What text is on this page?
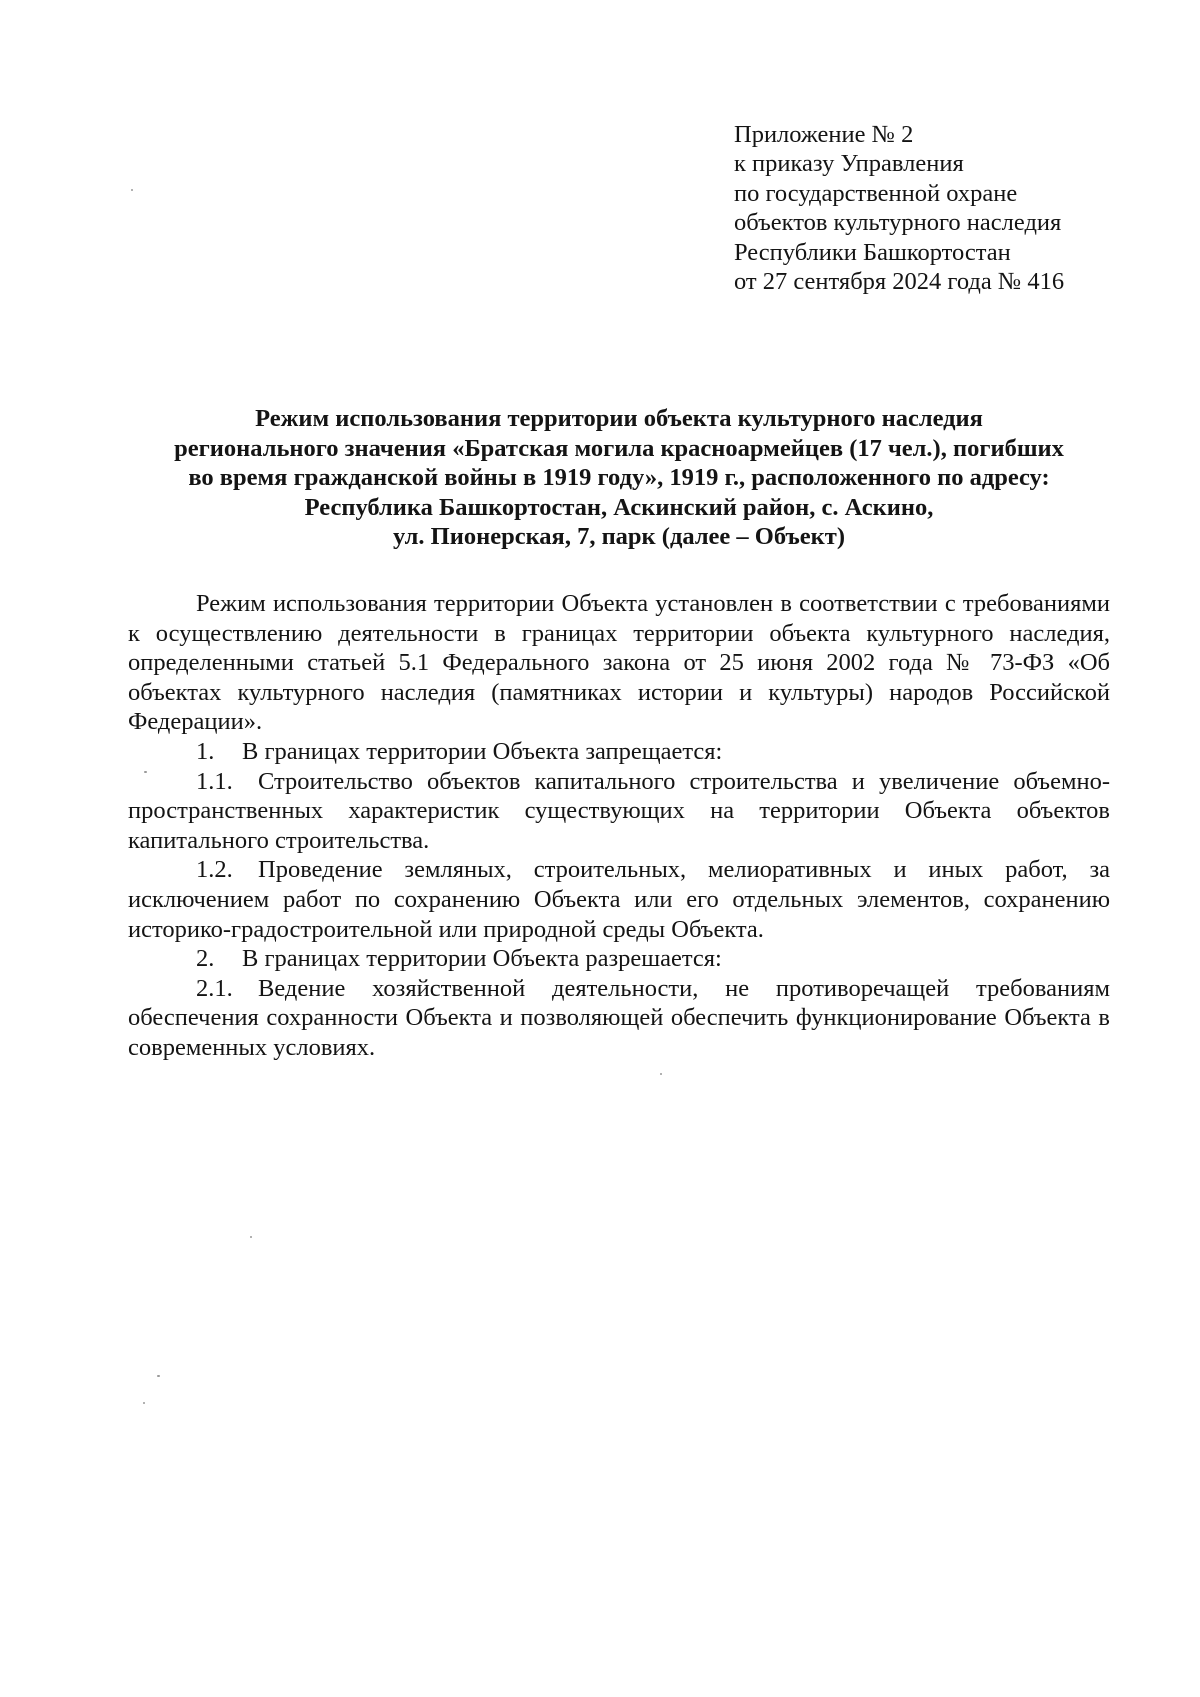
Приложение № 2
к приказу Управления
по государственной охране
объектов культурного наследия
Республики Башкортостан
от 27 сентября 2024 года № 416
Режим использования территории объекта культурного наследия
регионального значения «Братская могила красноармейцев (17 чел.), погибших
во время гражданской войны в 1919 году», 1919 г., расположенного по адресу:
Республика Башкортостан, Аскинский район, с. Аскино,
ул. Пионерская, 7, парк (далее – Объект)

Режим использования территории Объекта установлен в соответствии с требованиями к осуществлению деятельности в границах территории объекта культурного наследия, определенными статьей 5.1 Федерального закона от 25 июня 2002 года № 73-ФЗ «Об объектах культурного наследия (памятниках истории и культуры) народов Российской Федерации».

1. В границах территории Объекта запрещается:

1.1. Строительство объектов капитального строительства и увеличение объемно-пространственных характеристик существующих на территории Объекта объектов капитального строительства.

1.2. Проведение земляных, строительных, мелиоративных и иных работ, за исключением работ по сохранению Объекта или его отдельных элементов, сохранению историко-градостроительной или природной среды Объекта.

2. В границах территории Объекта разрешается:

2.1. Ведение хозяйственной деятельности, не противоречащей требованиям обеспечения сохранности Объекта и позволяющей обеспечить функционирование Объекта в современных условиях.
